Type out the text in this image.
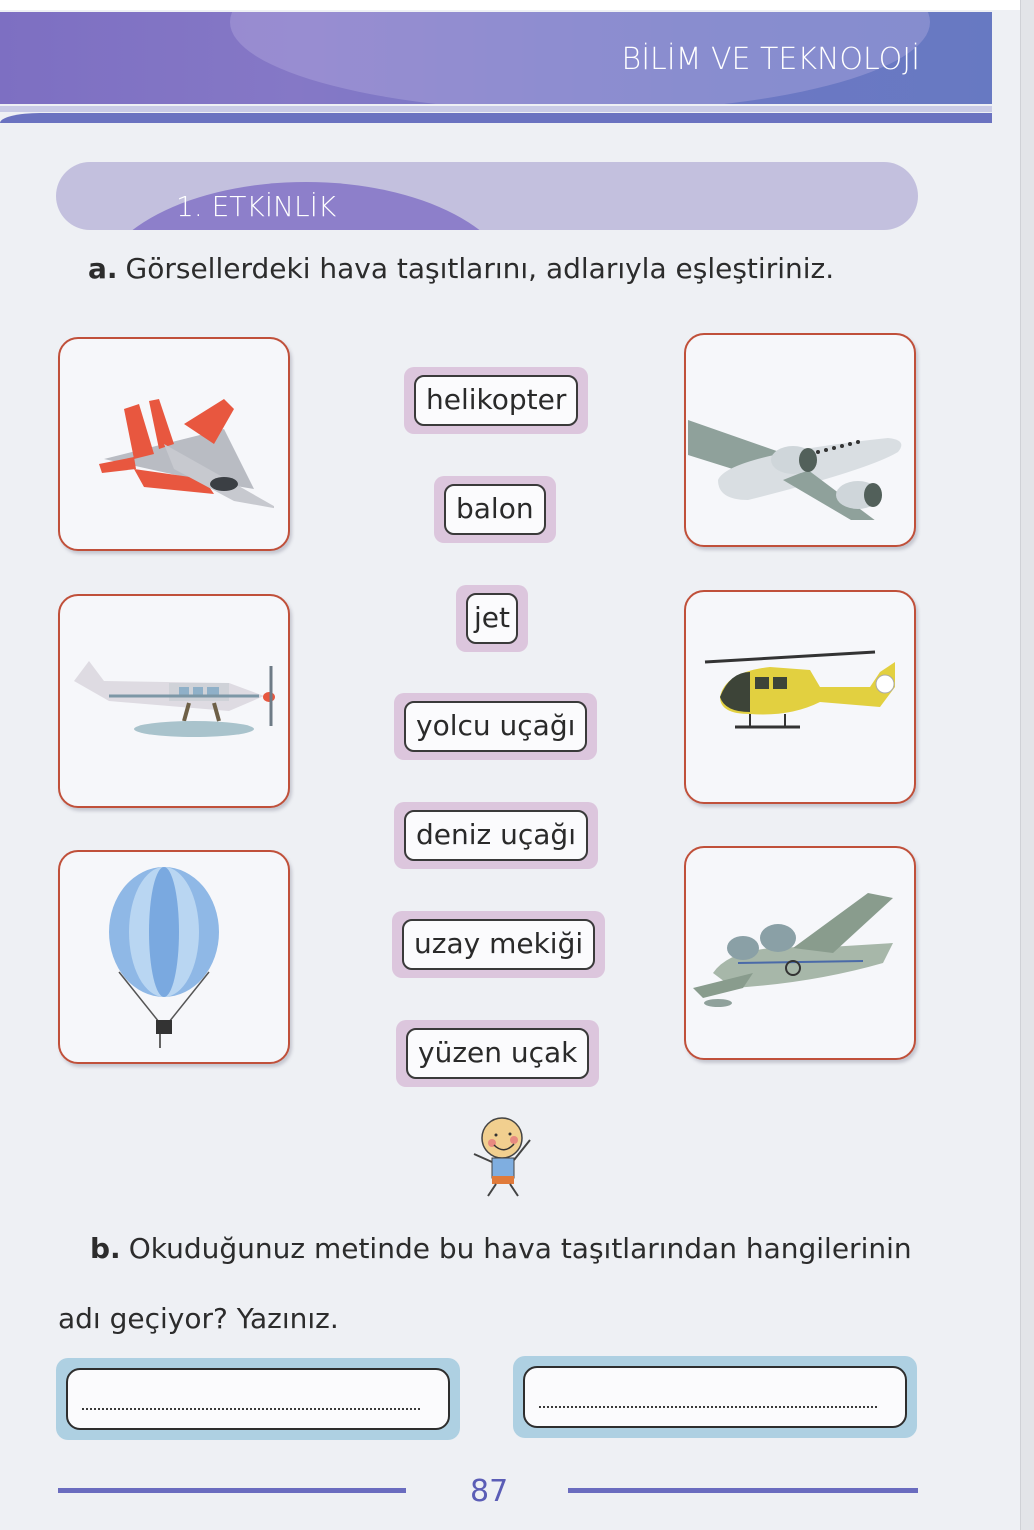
BİLİM VE TEKNOLOJİ
1. ETKİNLİK
a. Görsellerdeki hava taşıtlarını, adlarıyla eşleştiriniz.
helikopter
balon
jet
yolcu uçağı
deniz uçağı
uzay mekiği
yüzen uçak
b. Okuduğunuz metinde bu hava taşıtlarından hangilerinin
adı geçiyor? Yazınız.
87
